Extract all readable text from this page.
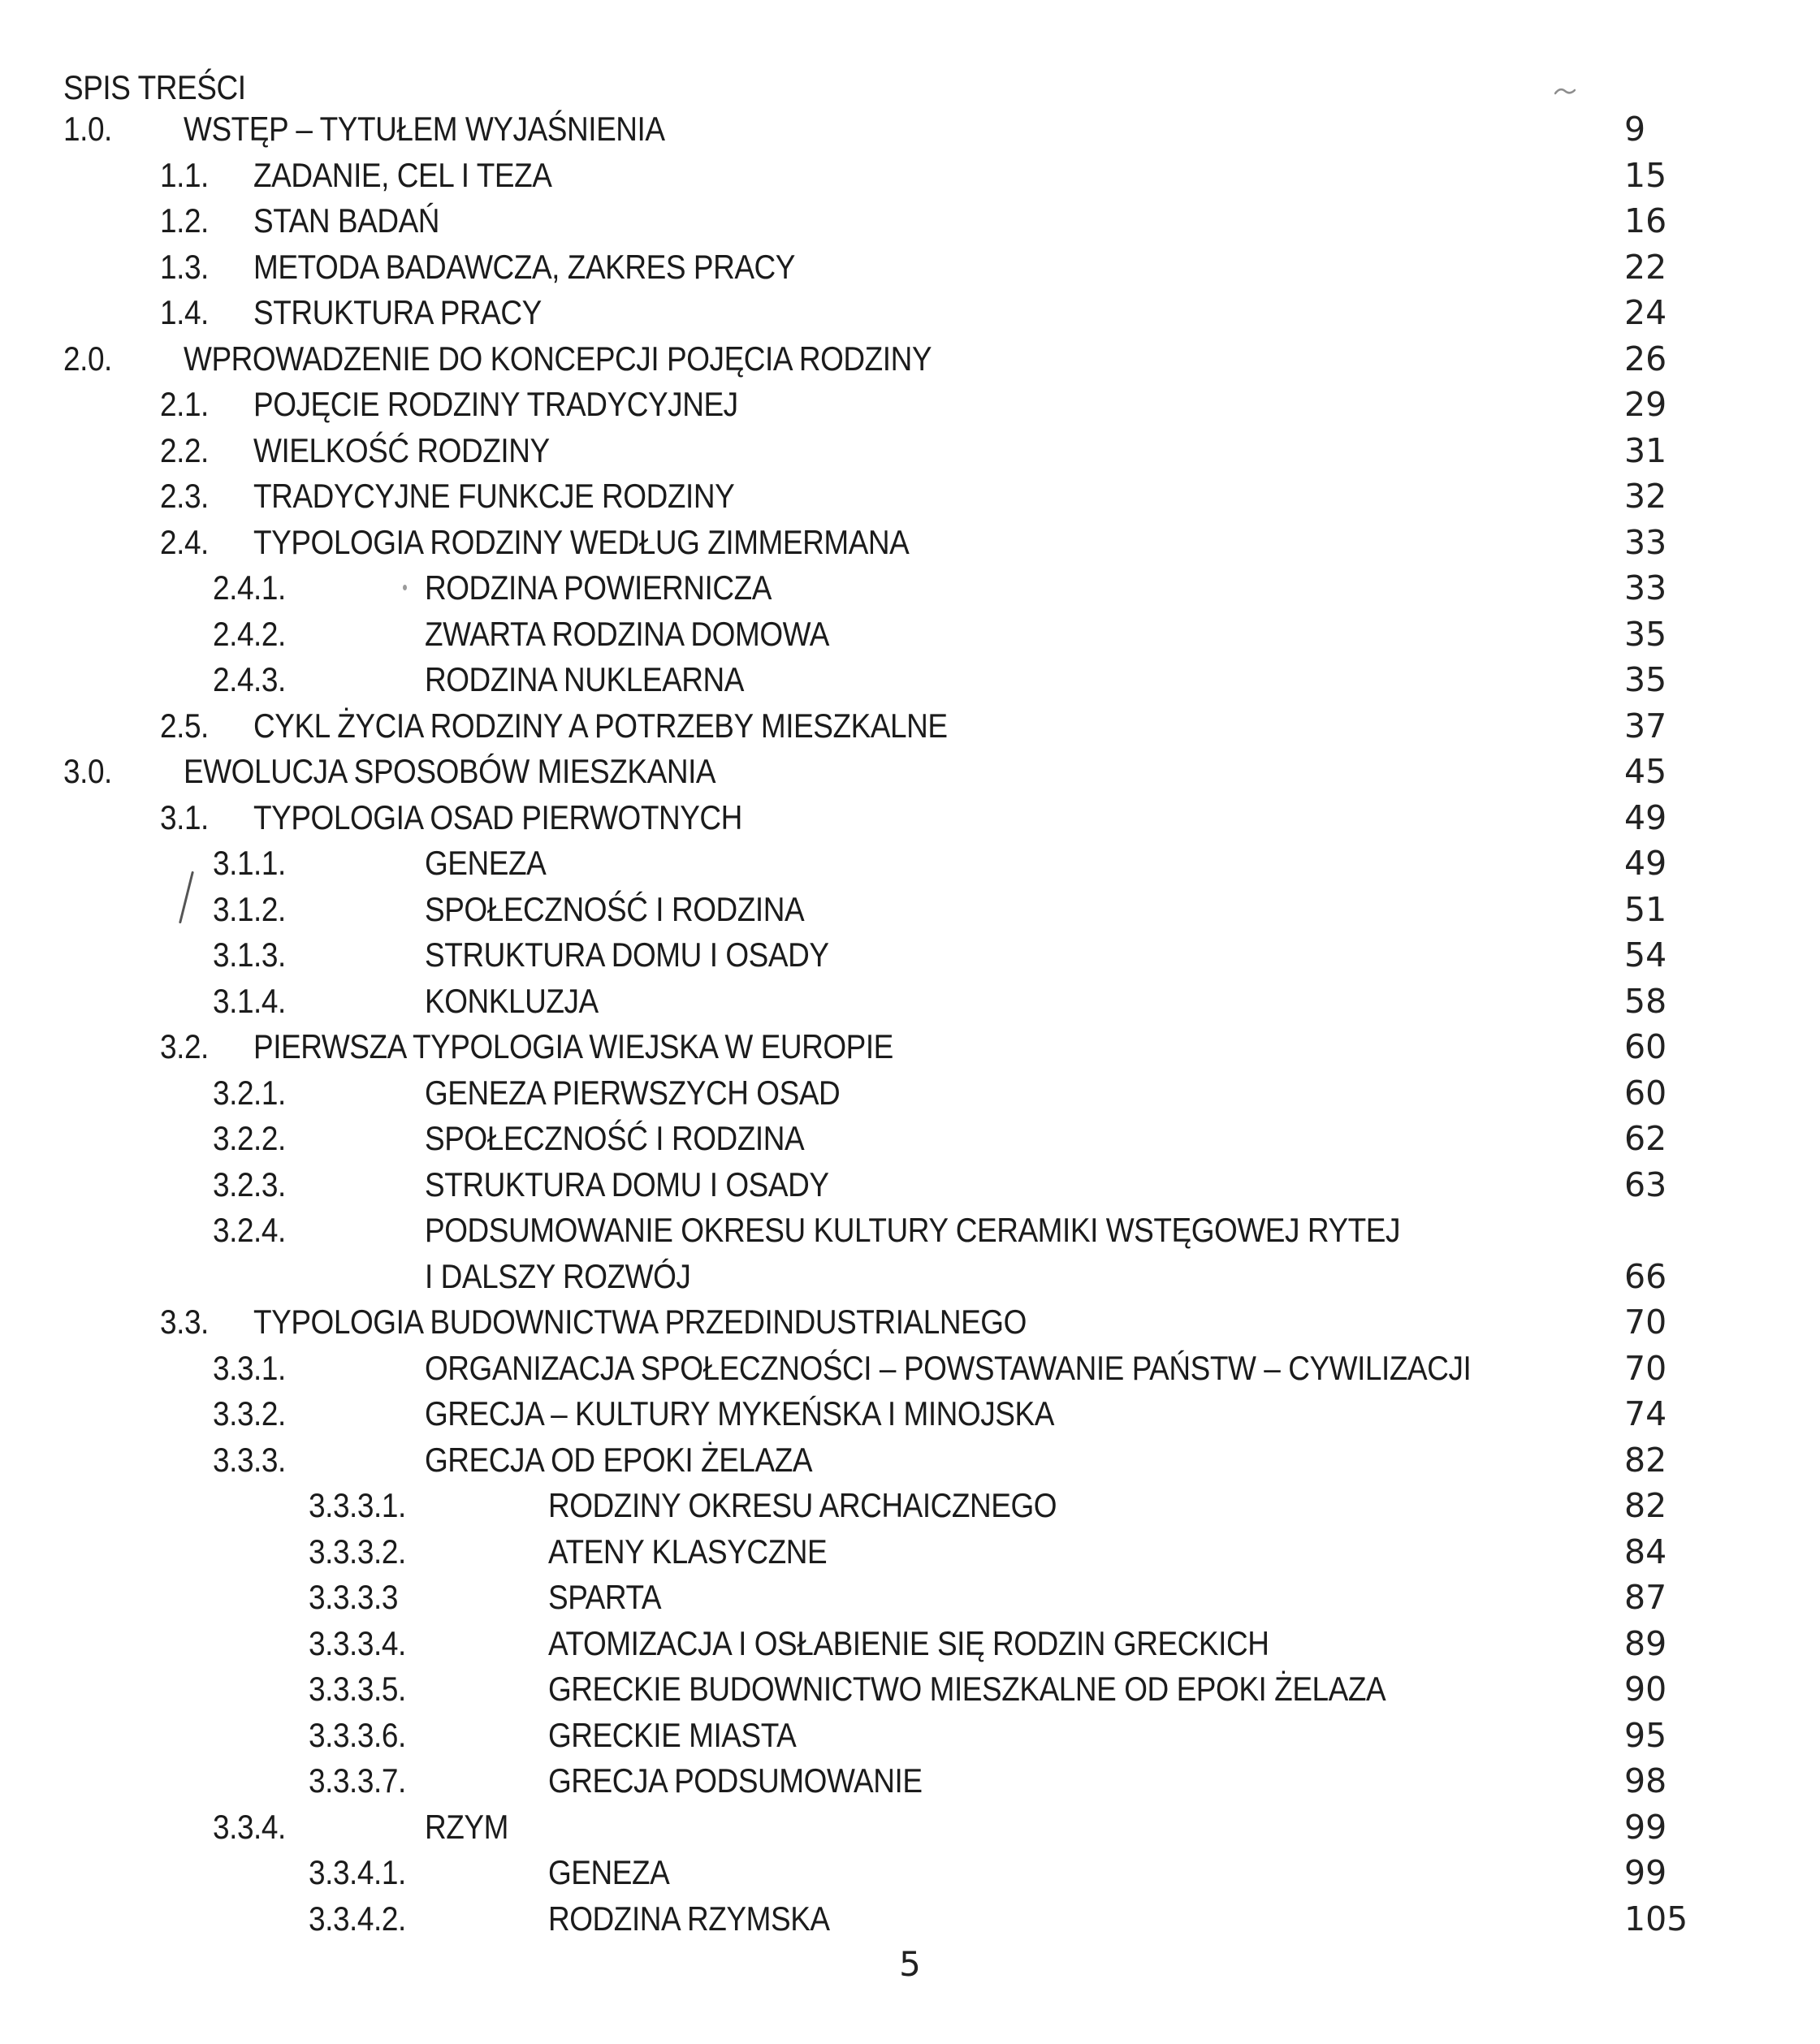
SPIS TREŚCI
1.0. WSTĘP – TYTUŁEM WYJAŚNIENIA	9
1.1. ZADANIE, CEL I TEZA	15
1.2. STAN BADAŃ	16
1.3. METODA BADAWCZA, ZAKRES PRACY	22
1.4. STRUKTURA PRACY	24
2.0. WPROWADZENIE DO KONCEPCJI POJĘCIA RODZINY	26
2.1. POJĘCIE RODZINY TRADYCYJNEJ	29
2.2. WIELKOŚĆ RODZINY	31
2.3. TRADYCYJNE FUNKCJE RODZINY	32
2.4. TYPOLOGIA RODZINY WEDŁUG ZIMMERMANA	33
2.4.1.	RODZINA POWIERNICZA	33
2.4.2.	ZWARTA RODZINA DOMOWA	35
2.4.3.	RODZINA NUKLEARNA	35
2.5. CYKL ŻYCIA RODZINY A POTRZEBY MIESZKALNE	37
3.0. EWOLUCJA SPOSOBÓW MIESZKANIA	45
3.1. TYPOLOGIA OSAD PIERWOTNYCH	49
3.1.1.	GENEZA	49
3.1.2.	SPOŁECZNOŚĆ I RODZINA	51
3.1.3.	STRUKTURA DOMU I OSADY	54
3.1.4.	KONKLUZJA	58
3.2. PIERWSZA TYPOLOGIA WIEJSKA W EUROPIE	60
3.2.1.	GENEZA PIERWSZYCH OSAD	60
3.2.2.	SPOŁECZNOŚĆ I RODZINA	62
3.2.3.	STRUKTURA DOMU I OSADY	63
3.2.4.	PODSUMOWANIE OKRESU KULTURY CERAMIKI WSTĘGOWEJ RYTEJ
I DALSZY ROZWÓJ	66
3.3. TYPOLOGIA BUDOWNICTWA PRZEDINDUSTRIALNEGO	70
3.3.1.	ORGANIZACJA SPOŁECZNOŚCI – POWSTAWANIE PAŃSTW – CYWILIZACJI	70
3.3.2.	GRECJA – KULTURY MYKEŃSKA I MINOJSKA	74
3.3.3.	GRECJA OD EPOKI ŻELAZA	82
3.3.3.1.	RODZINY OKRESU ARCHAICZNEGO	82
3.3.3.2.	ATENY KLASYCZNE	84
3.3.3.3	SPARTA	87
3.3.3.4.	ATOMIZACJA I OSŁABIENIE SIĘ RODZIN GRECKICH	89
3.3.3.5.	GRECKIE BUDOWNICTWO MIESZKALNE OD EPOKI ŻELAZA	90
3.3.3.6.	GRECKIE MIASTA	95
3.3.3.7.	GRECJA PODSUMOWANIE	98
3.3.4.	RZYM	99
3.3.4.1.	GENEZA	99
3.3.4.2.	RODZINA RZYMSKA	105
5
